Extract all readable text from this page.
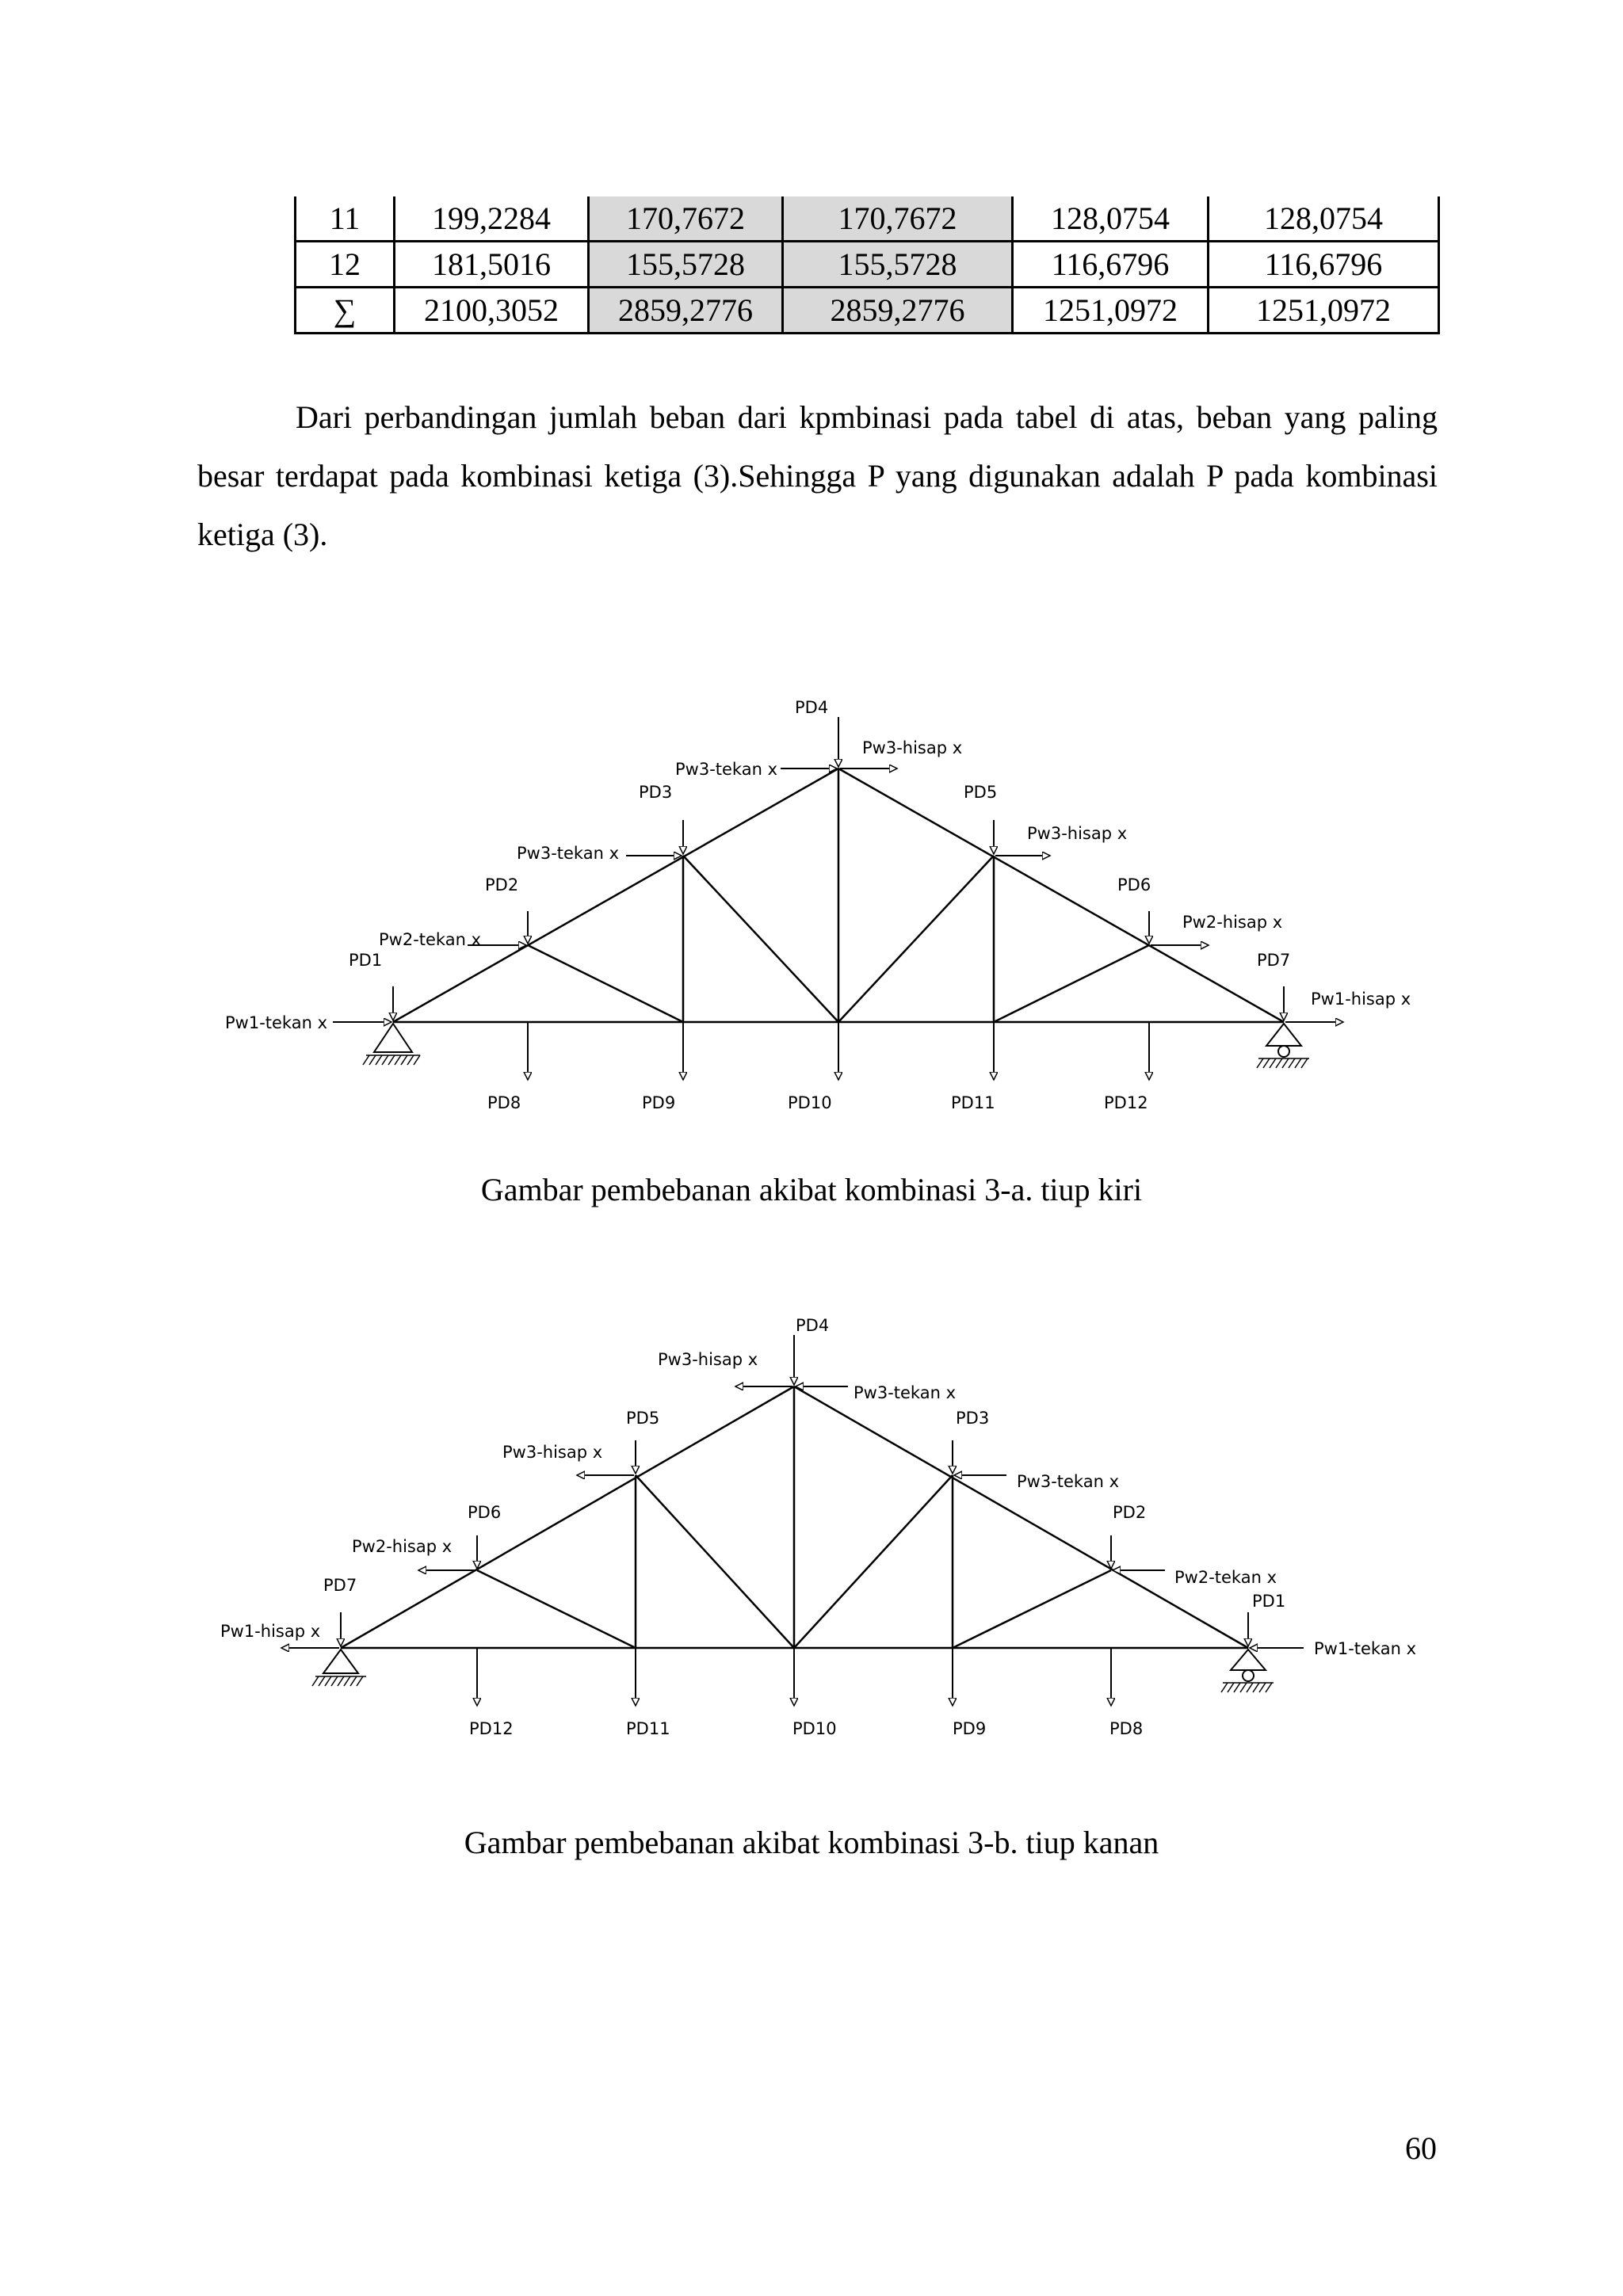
11	199,2284	170,7672	170,7672	128,0754	128,0754
12	181,5016	155,5728	155,5728	116,6796	116,6796
∑	2100,3052	2859,2776	2859,2776	1251,0972	1251,0972
Dari perbandingan jumlah beban dari kpmbinasi pada tabel di atas, beban yang paling besar terdapat pada kombinasi ketiga (3).Sehingga P yang digunakan adalah P pada kombinasi ketiga (3).
PD1
PD2
PD3
PD4
PD5
PD6
PD7
PD8	PD9	PD10	PD11	PD12
Pw1-tekan x
Pw2-tekan x
Pw3-tekan x
Pw3-tekan x
Pw3-hisap x
Pw3-hisap x
Pw2-hisap x
Pw1-hisap x
Gambar pembebanan akibat kombinasi 3-a. tiup kiri
PD7
PD6
PD5
PD4
PD3
PD2
PD1
PD12	PD11	PD10	PD9	PD8
Pw1-hisap x
Pw2-hisap x
Pw3-hisap x
Pw3-hisap x
Pw3-tekan x
Pw3-tekan x
Pw2-tekan x
Pw1-tekan x
Gambar pembebanan akibat kombinasi 3-b. tiup kanan
60
